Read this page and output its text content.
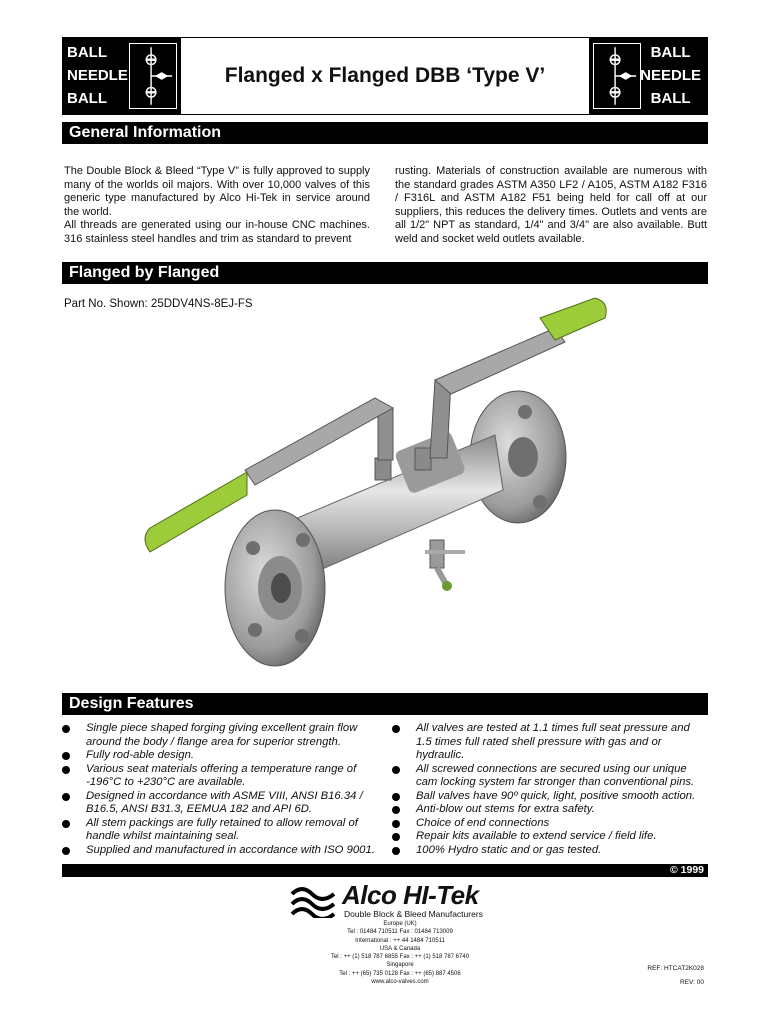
BALL
NEEDLE
BALL
Flanged x Flanged DBB ‘Type V’
BALL
NEEDLE
BALL
General Information

The Double Block & Bleed “Type V” is fully approved to supply many of the worlds oil majors. With over 10,000 valves of this generic type manufactured by Alco Hi-Tek in service around the world.

All threads are generated using our in-house CNC machines. 316 stainless steel handles and trim as standard to prevent

rusting. Materials of construction available are numerous with the standard grades ASTM A350 LF2 / A105, ASTM A182 F316 / F316L and ASTM A182 F51 being held for call off at our suppliers, this reduces the delivery times. Outlets and vents are all 1/2" NPT as standard, 1/4" and 3/4" are also available. Butt weld and socket weld outlets available.

Flanged by Flanged
Part No. Shown: 25DDV4NS-8EJ-FS
Design Features
Single piece shaped forging giving excellent grain flow around the body / flange area for superior strength.
Fully rod-able design.
Various seat materials offering a temperature range of -196°C to +230°C are available.
Designed in accordance with ASME VIII, ANSI B16.34 / B16.5, ANSI B31.3, EEMUA 182 and API 6D.
All stem packings are fully retained to allow removal of handle whilst maintaining seal.
Supplied and manufactured in accordance with ISO 9001.
All valves are tested at 1.1 times full seat pressure and 1.5 times full rated shell pressure with gas and or hydraulic.
All screwed connections are secured using our unique cam locking system far stronger than conventional pins.
Ball valves have 90º quick, light, positive smooth action.
Anti-blow out stems for extra safety.
Choice of end connections
Repair kits available to extend service / field life.
100% Hydro static and or gas tested.
© 1999
Alco HI-Tek
Double Block & Bleed Manufacturers
Europe (UK)
Tel : 01484 710511 Fax : 01484 713009
International : ++ 44 1484 710511
USA & Canada
Tel : ++ (1) 518 787 6855 Fax : ++ (1) 518 787 6740
Singapore
Tel : ++ (65) 735 0128 Fax : ++ (65) 887 4506
www.alco-valves.com
REF: HTCAT2K028
REV: 00
